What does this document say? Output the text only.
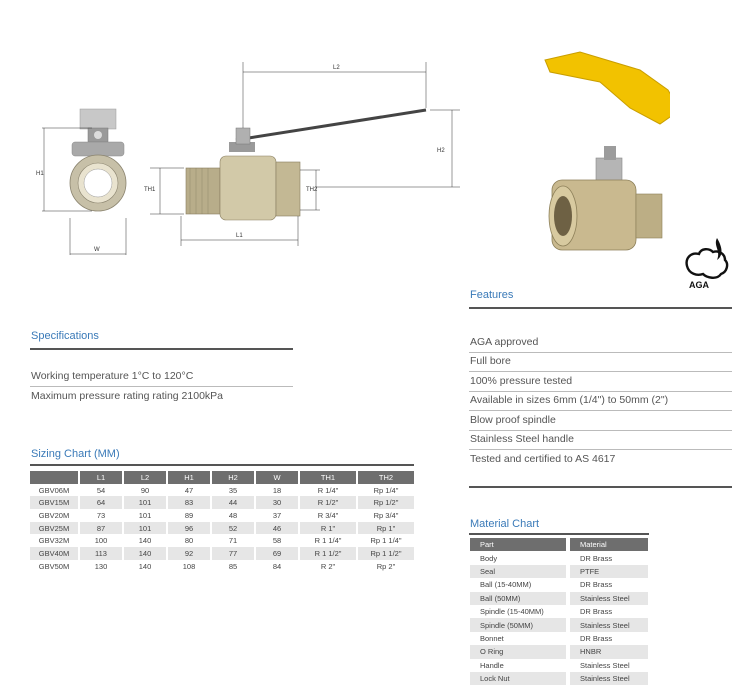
H1
W
L2
H2
TH1	TH2
L1
AGA
Features
AGA approved
Full bore
100% pressure tested
Available in sizes 6mm (1/4") to 50mm (2")
Blow proof spindle
Stainless Steel handle
Tested and certified to AS 4617
Specifications
Working temperature 1°C to 120°C
Maximum pressure rating rating 2100kPa
Sizing Chart (MM)
		L1		L2		H1		H2		W		TH1		TH2
GBV06M		54		90		47		35		18		R 1/4"		Rp 1/4"
GBV15M		64		101		83		44		30		R 1/2"		Rp 1/2"
GBV20M		73		101		89		48		37		R 3/4"		Rp 3/4"
GBV25M		87		101		96		52		46		R 1"		Rp 1"
GBV32M		100		140		80		71		58		R 1 1/4"		Rp 1 1/4"
GBV40M		113		140		92		77		69		R 1 1/2"		Rp 1 1/2"
GBV50M		130		140		108		85		84		R 2"		Rp 2"
Material Chart
Part		Material
Body		DR Brass
Seal		PTFE
Ball (15-40MM)		DR Brass
Ball (50MM)		Stainless Steel
Spindle (15-40MM)		DR Brass
Spindle (50MM)		Stainless Steel
Bonnet		DR Brass
O Ring		HNBR
Handle		Stainless Steel
Lock Nut		Stainless Steel
